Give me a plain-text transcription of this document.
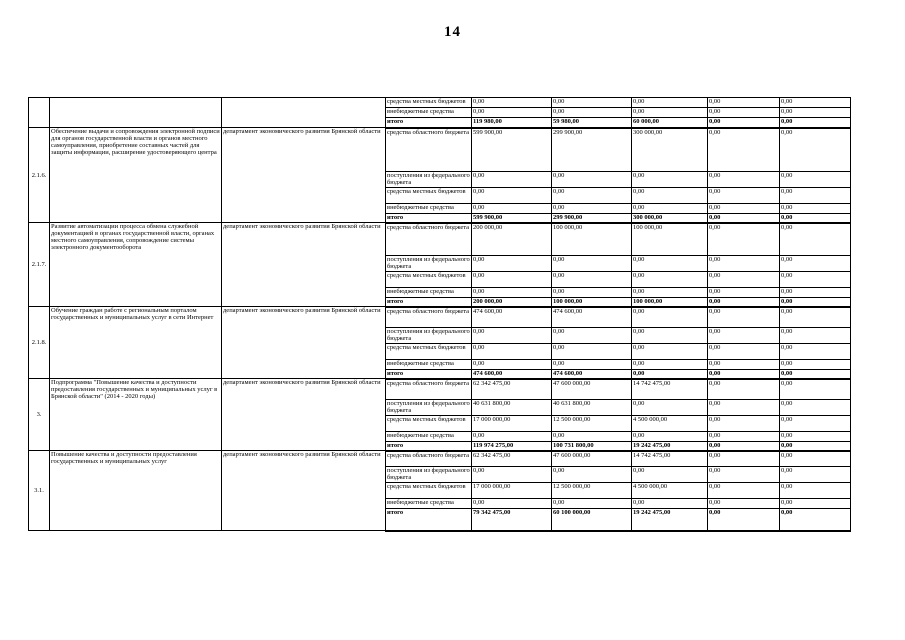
14
			средства местных бюджетов	0,00	0,00	0,00	0,00	0,00
			внебюджетные средства	0,00	0,00	0,00	0,00	0,00
			итого	119 980,00	59 980,00	60 000,00	0,00	0,00
2.1.6.	Обеспечение выдачи и сопровождения электронной подписи для органов государственной власти и органов местного самоуправления, приобретение составных частей для защиты информации, расширение удостоверяющего центра	департамент экономического развития Брянской области	средства областного бюджета	599 900,00	299 900,00	300 000,00	0,00	0,00
			поступления из федерального бюджета	0,00	0,00	0,00	0,00	0,00
			средства местных бюджетов	0,00	0,00	0,00	0,00	0,00
			внебюджетные средства	0,00	0,00	0,00	0,00	0,00
			итого	599 900,00	299 900,00	300 000,00	0,00	0,00
2.1.7.	Развитие автоматизации процесса обмена служебной документацией в органах государственной власти, органах местного самоуправления, сопровождение системы электронного документооборота	департамент экономического развития Брянской области	средства областного бюджета	200 000,00	100 000,00	100 000,00	0,00	0,00
			поступления из федерального бюджета	0,00	0,00	0,00	0,00	0,00
			средства местных бюджетов	0,00	0,00	0,00	0,00	0,00
			внебюджетные средства	0,00	0,00	0,00	0,00	0,00
			итого	200 000,00	100 000,00	100 000,00	0,00	0,00
2.1.8.	Обучение граждан работе с региональным порталом государственных и муниципальных услуг в сети Интернет	департамент экономического развития Брянской области	средства областного бюджета	474 600,00	474 600,00	0,00	0,00	0,00
			поступления из федерального бюджета	0,00	0,00	0,00	0,00	0,00
			средства местных бюджетов	0,00	0,00	0,00	0,00	0,00
			внебюджетные средства	0,00	0,00	0,00	0,00	0,00
			итого	474 600,00	474 600,00	0,00	0,00	0,00
3.	Подпрограмма "Повышение качества и доступности предоставления государственных и муниципальных услуг в Брянской области" (2014 - 2020 годы)	департамент экономического развития Брянской области	средства областного бюджета	62 342 475,00	47 600 000,00	14 742 475,00	0,00	0,00
			поступления из федерального бюджета	40 631 800,00	40 631 800,00	0,00	0,00	0,00
			средства местных бюджетов	17 000 000,00	12 500 000,00	4 500 000,00	0,00	0,00
			внебюджетные средства	0,00	0,00	0,00	0,00	0,00
			итого	119 974 275,00	100 731 800,00	19 242 475,00	0,00	0,00
3.1.	Повышение качества и доступности предоставления государственных и муниципальных услуг	департамент экономического развития Брянской области	средства областного бюджета	62 342 475,00	47 600 000,00	14 742 475,00	0,00	0,00
			поступления из федерального бюджета	0,00	0,00	0,00	0,00	0,00
			средства местных бюджетов	17 000 000,00	12 500 000,00	4 500 000,00	0,00	0,00
			внебюджетные средства	0,00	0,00	0,00	0,00	0,00
			итого	79 342 475,00	60 100 000,00	19 242 475,00	0,00	0,00
